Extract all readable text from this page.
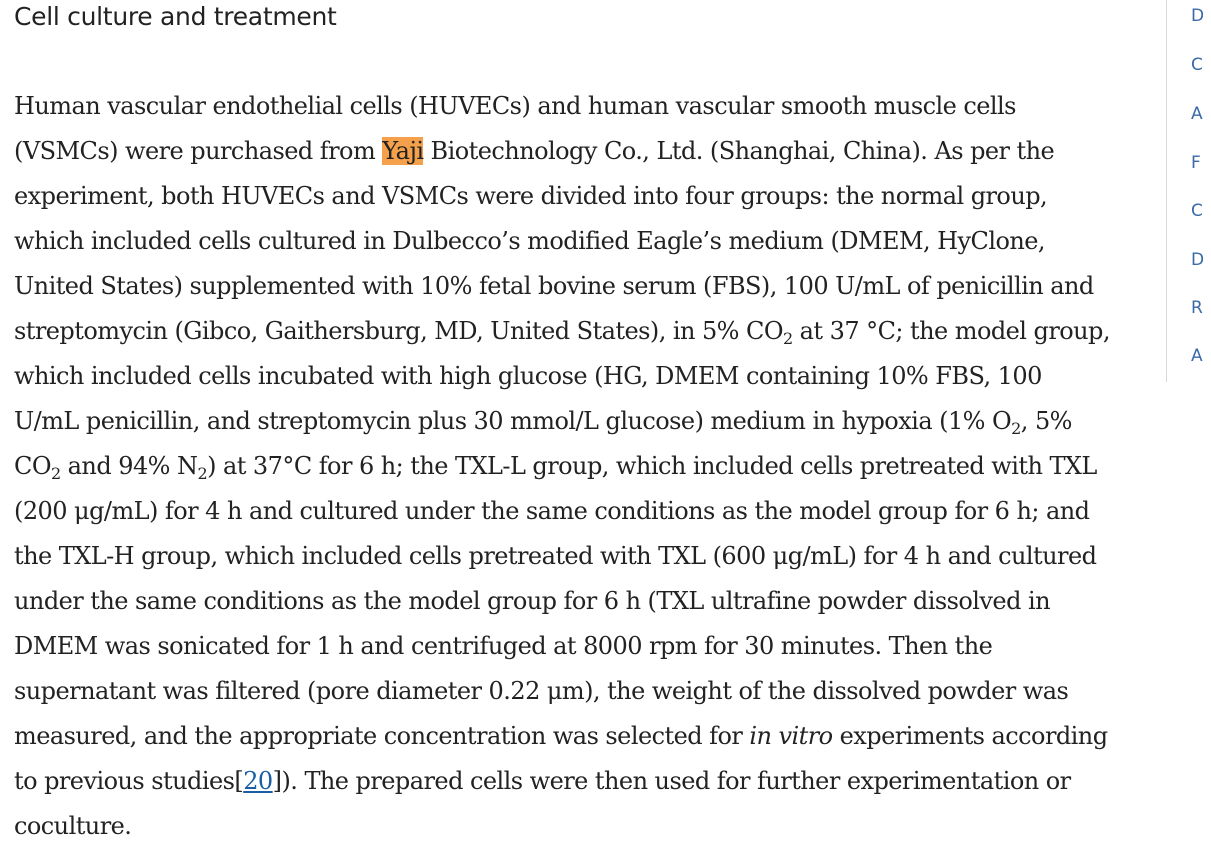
Cell culture and treatment
Human vascular endothelial cells (HUVECs) and human vascular smooth muscle cells
(VSMCs) were purchased from Yaji Biotechnology Co., Ltd. (Shanghai, China). As per the
experiment, both HUVECs and VSMCs were divided into four groups: the normal group,
which included cells cultured in Dulbecco’s modified Eagle’s medium (DMEM, HyClone,
United States) supplemented with 10% fetal bovine serum (FBS), 100 U/mL of penicillin and
streptomycin (Gibco, Gaithersburg, MD, United States), in 5% $CO_2$ at 37 °C; the model group,
which included cells incubated with high glucose (HG, DMEM containing 10% FBS, 100
U/mL penicillin, and streptomycin plus 30 mmol/L glucose) medium in hypoxia (1% $O_2$, 5%
$CO_2$ and 94% $N_2$) at 37°C for 6 h; the TXL-L group, which included cells pretreated with TXL
(200 μg/mL) for 4 h and cultured under the same conditions as the model group for 6 h; and
the TXL-H group, which included cells pretreated with TXL (600 μg/mL) for 4 h and cultured
under the same conditions as the model group for 6 h (TXL ultrafine powder dissolved in
DMEM was sonicated for 1 h and centrifuged at 8000 rpm for 30 minutes. Then the
supernatant was filtered (pore diameter 0.22 μm), the weight of the dissolved powder was
measured, and the appropriate concentration was selected for in vitro experiments according
to previous studies[20]). The prepared cells were then used for further experimentation or
coculture.
D
C
A
F
C
D
R
A
